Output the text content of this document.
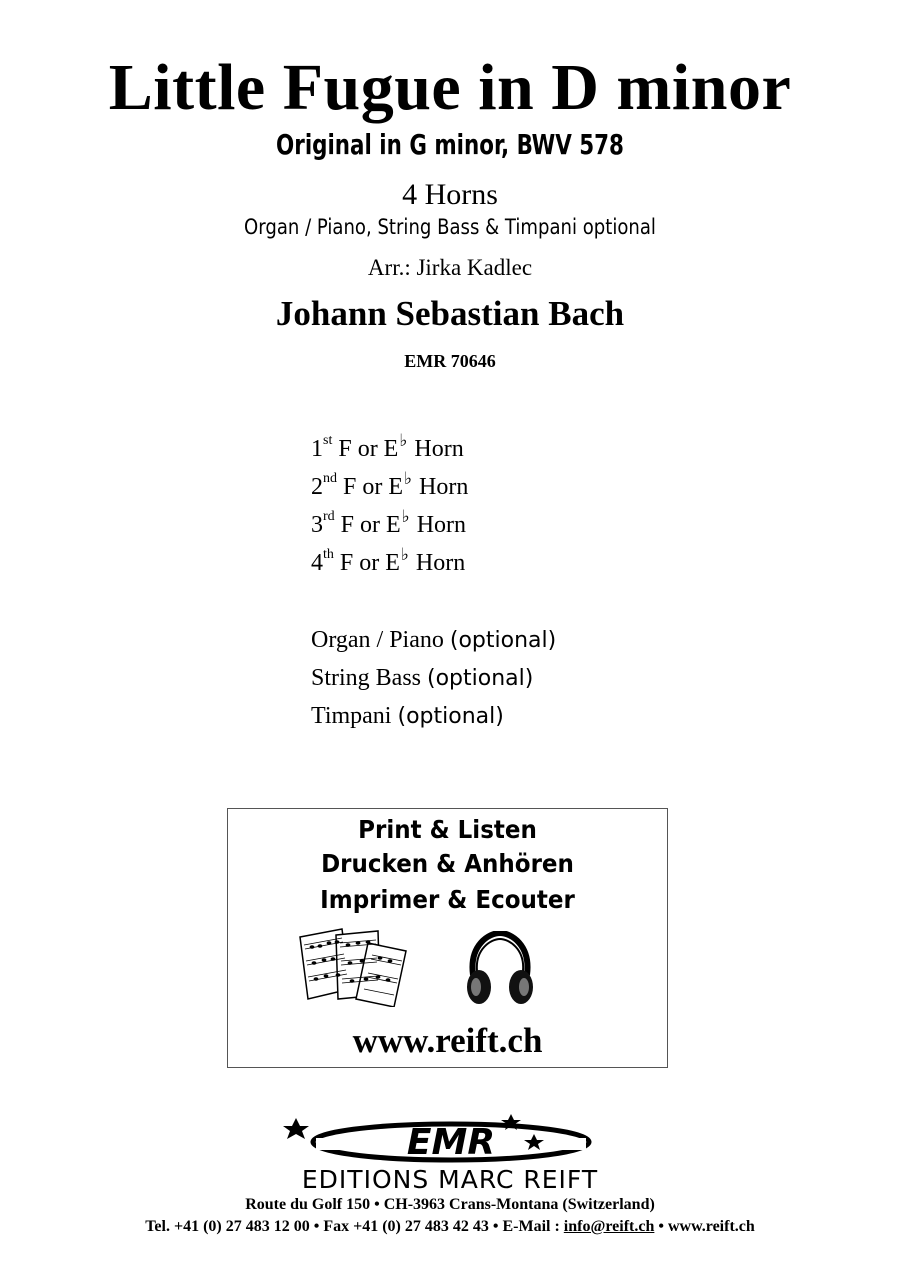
Little Fugue in D minor
Original in G minor, BWV 578
4 Horns
Organ / Piano, String Bass & Timpani optional
Arr.: Jirka Kadlec
Johann Sebastian Bach
EMR 70646
1st F or E♭ Horn
2nd F or E♭ Horn
3rd F or E♭ Horn
4th F or E♭ Horn
Organ / Piano (optional)
String Bass (optional)
Timpani (optional)
Print & Listen
Drucken & Anhören
Imprimer & Ecouter
www.reift.ch
EMR
EDITIONS MARC REIFT
Route du Golf 150 • CH-3963 Crans-Montana (Switzerland)
Tel. +41 (0) 27 483 12 00 • Fax +41 (0) 27 483 42 43 • E-Mail : info@reift.ch • www.reift.ch
